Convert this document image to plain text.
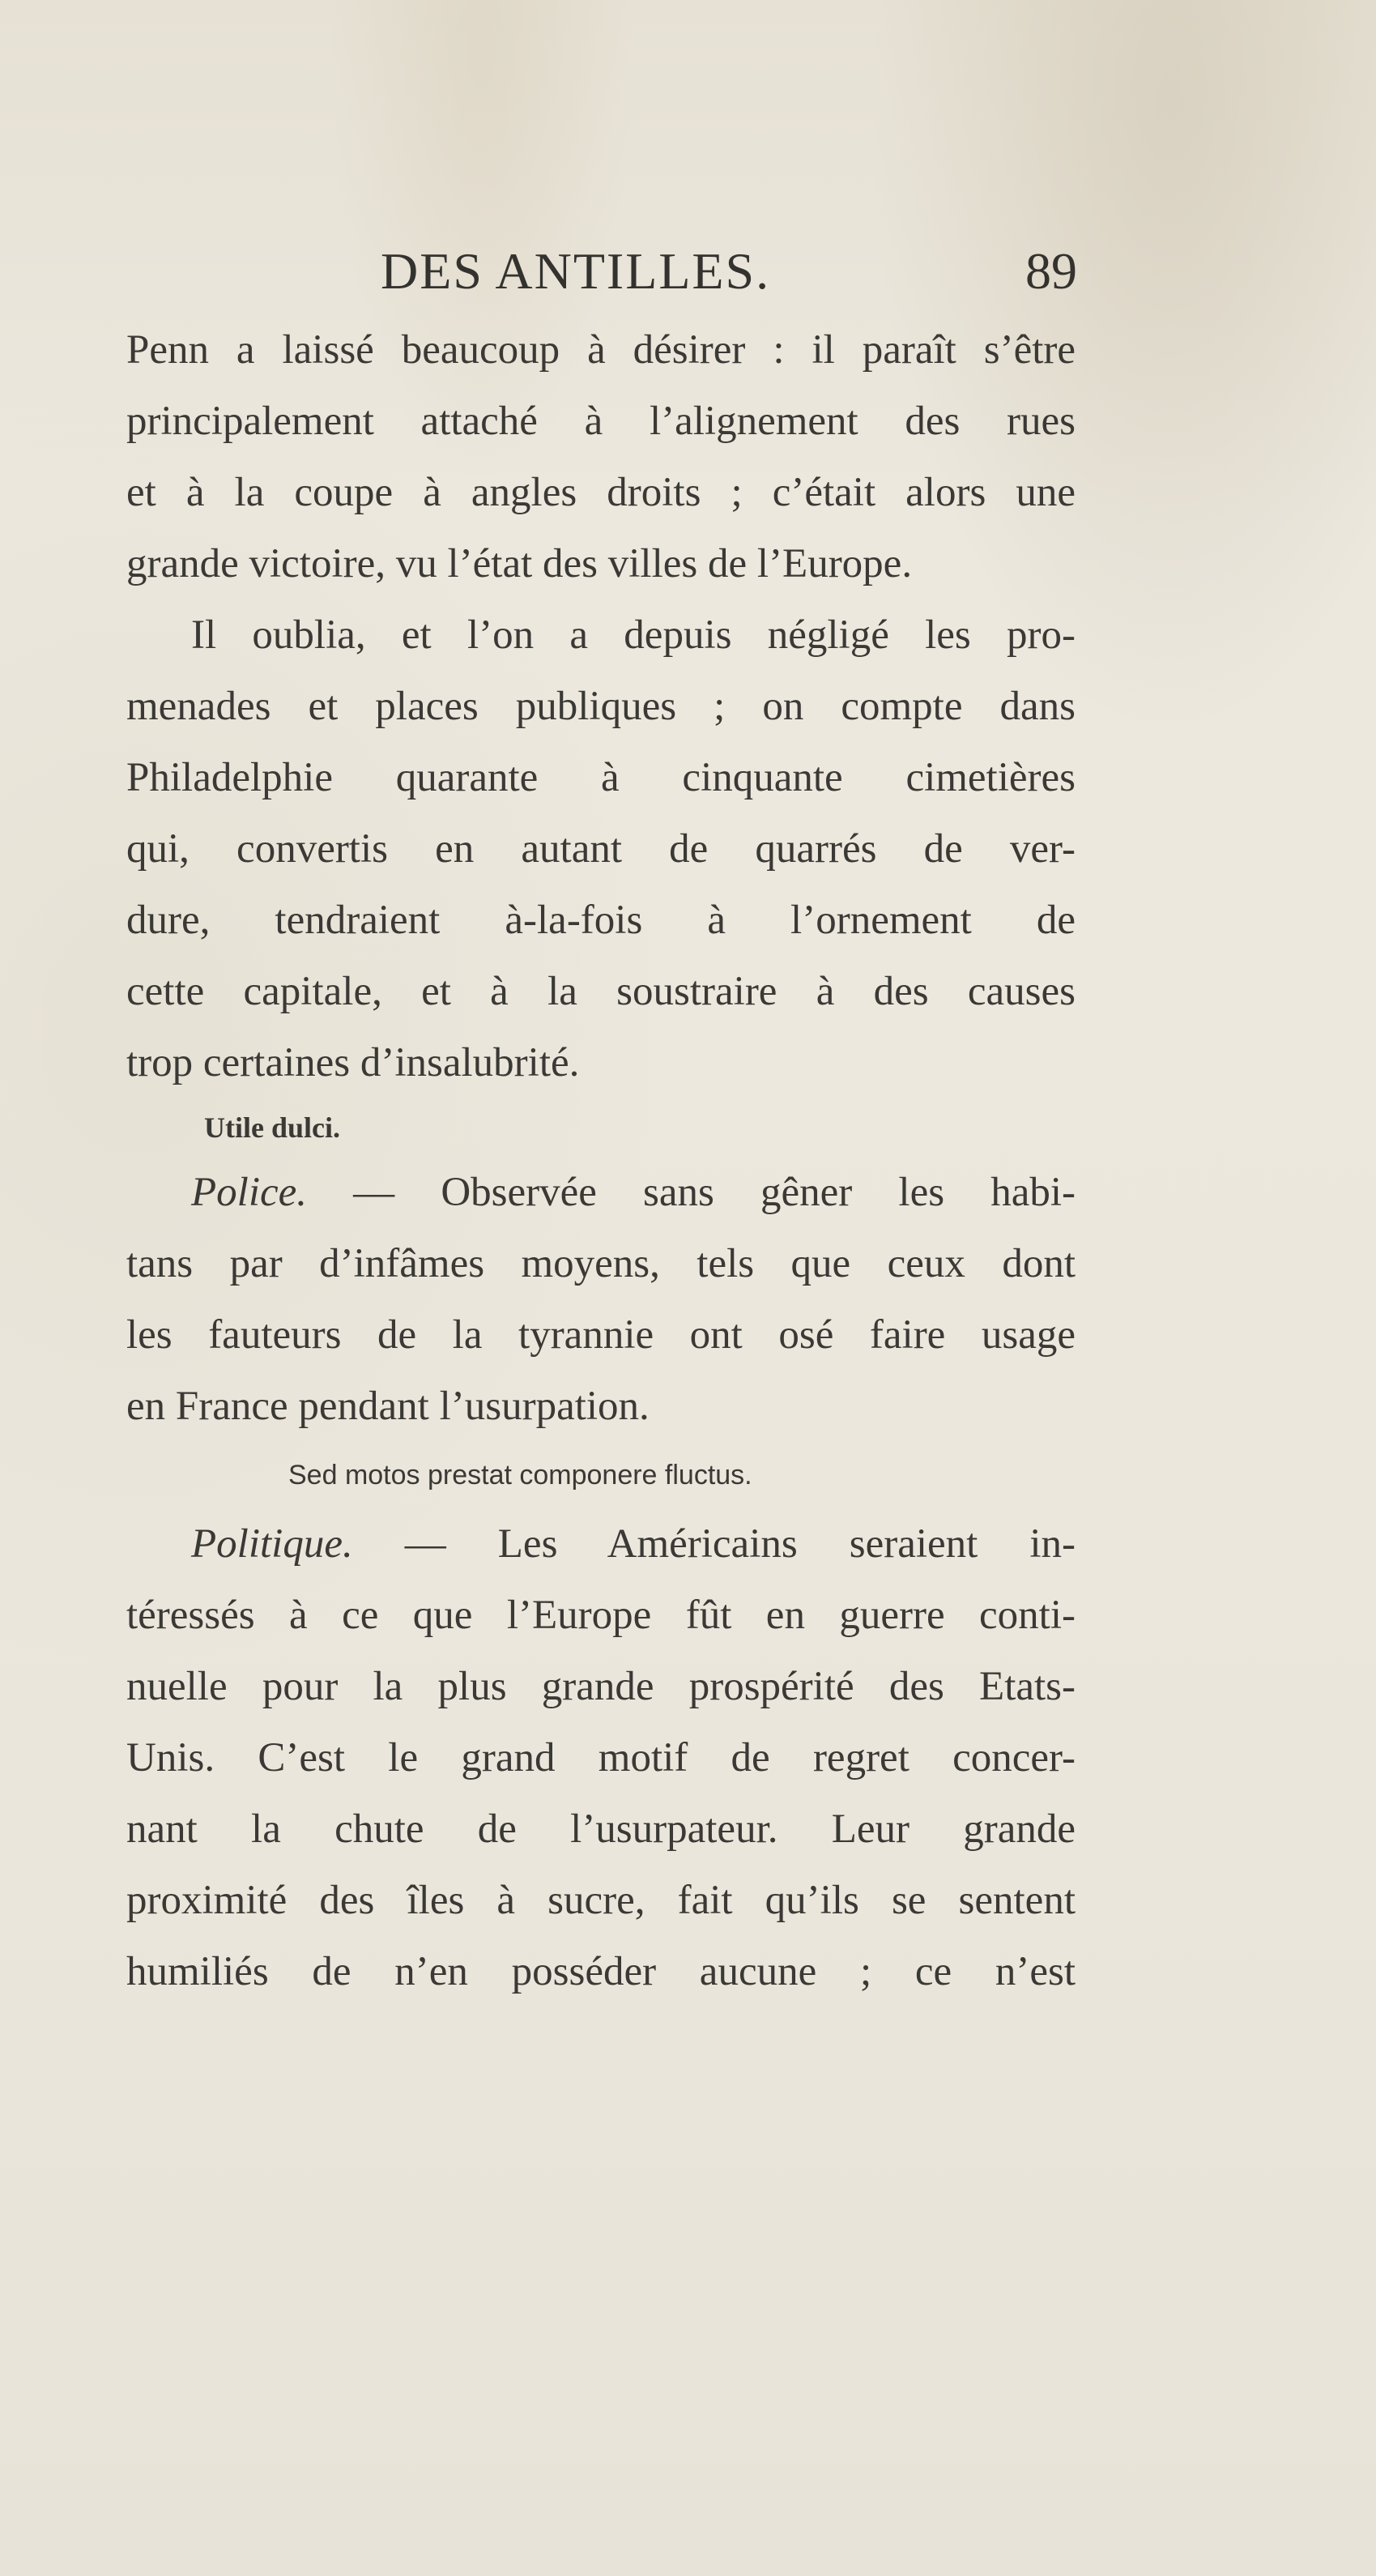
DES ANTILLES.	89
Penn a laissé beaucoup à désirer : il paraît s’être
principalement attaché à l’alignement des rues
et à la coupe à angles droits ; c’était alors une
grande victoire, vu l’état des villes de l’Europe.
Il oublia, et l’on a depuis négligé les pro-
menades et places publiques ; on compte dans
Philadelphie quarante à cinquante cimetières
qui, convertis en autant de quarrés de ver-
dure, tendraient à-la-fois à l’ornement de
cette capitale, et à la soustraire à des causes
trop certaines d’insalubrité.
Utile dulci.
Police. — Observée sans gêner les habi-
tans par d’infâmes moyens, tels que ceux dont
les fauteurs de la tyrannie ont osé faire usage
en France pendant l’usurpation.
Sed motos prestat componere fluctus.
Politique. — Les Américains seraient in-
téressés à ce que l’Europe fût en guerre conti-
nuelle pour la plus grande prospérité des Etats-
Unis. C’est le grand motif de regret concer-
nant la chute de l’usurpateur. Leur grande
proximité des îles à sucre, fait qu’ils se sentent
humiliés de n’en posséder aucune ; ce n’est
